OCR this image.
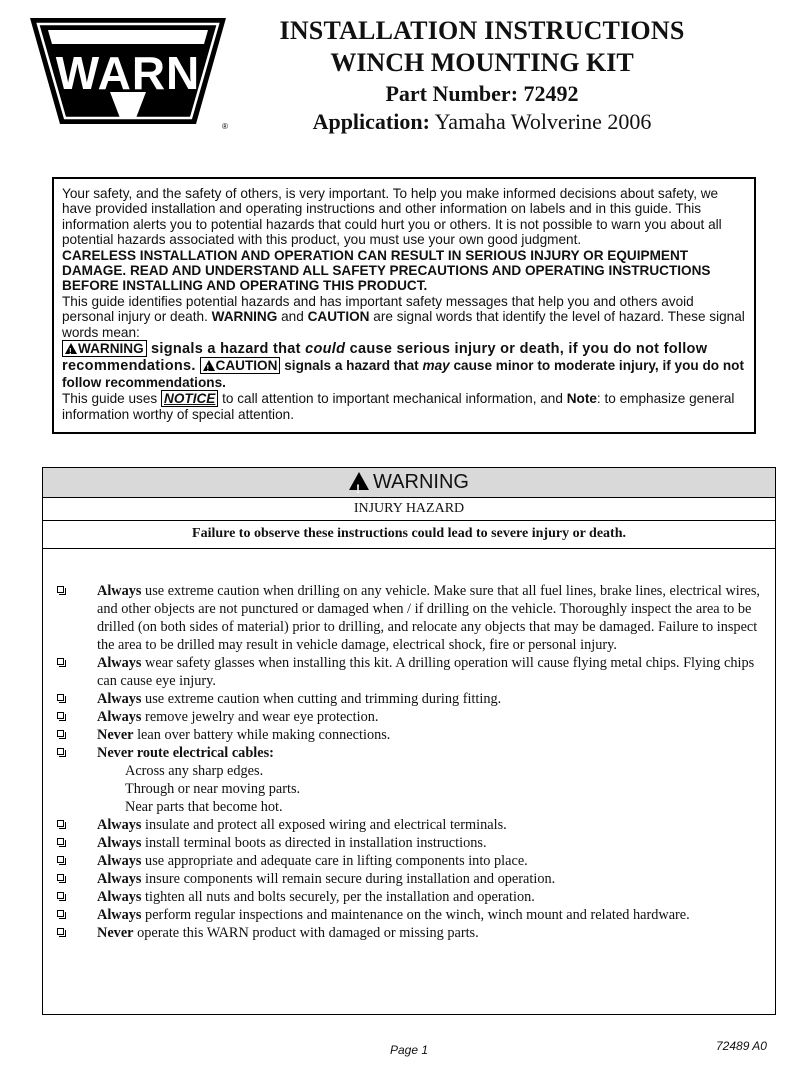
WARN
®
INSTALLATION INSTRUCTIONS
WINCH MOUNTING KIT
Part Number: 72492
Application: Yamaha Wolverine 2006

Your safety, and the safety of others, is very important. To help you make informed decisions about safety, we have provided installation and operating instructions and other information on labels and in this guide. This information alerts you to potential hazards that could hurt you or others. It is not possible to warn you about all potential hazards associated with this product, you must use your own good judgment.

CARELESS INSTALLATION AND OPERATION CAN RESULT IN SERIOUS INJURY OR EQUIPMENT DAMAGE. READ AND UNDERSTAND ALL SAFETY PRECAUTIONS AND OPERATING INSTRUCTIONS BEFORE INSTALLING AND OPERATING THIS PRODUCT.

This guide identifies potential hazards and has important safety messages that help you and others avoid personal injury or death. WARNING and CAUTION are signal words that identify the level of hazard. These signal words mean:

!WARNING signals a hazard that could cause serious injury or death, if you do not follow recommendations. ! CAUTION signals a hazard that may cause minor to moderate injury, if you do not follow recommendations.

This guide uses NOTICE to call attention to important mechanical information, and Note: to emphasize general information worthy of special attention.

!WARNING
INJURY HAZARD
Failure to observe these instructions could lead to severe injury or death.
Always use extreme caution when drilling on any vehicle. Make sure that all fuel lines, brake lines, electrical wires, and other objects are not punctured or damaged when / if drilling on the vehicle. Thoroughly inspect the area to be drilled (on both sides of material) prior to drilling, and relocate any objects that may be damaged. Failure to inspect the area to be drilled may result in vehicle damage, electrical shock, fire or personal injury.
Always wear safety glasses when installing this kit. A drilling operation will cause flying metal chips. Flying chips can cause eye injury.
Always use extreme caution when cutting and trimming during fitting.
Always remove jewelry and wear eye protection.
Never lean over battery while making connections.
Never route electrical cables:
Across any sharp edges.
Through or near moving parts.
Near parts that become hot.
Always insulate and protect all exposed wiring and electrical terminals.
Always install terminal boots as directed in installation instructions.
Always use appropriate and adequate care in lifting components into place.
Always insure components will remain secure during installation and operation.
Always tighten all nuts and bolts securely, per the installation and operation.
Always perform regular inspections and maintenance on the winch, winch mount and related hardware.
Never operate this WARN product with damaged or missing parts.
Page 1	72489 A0
